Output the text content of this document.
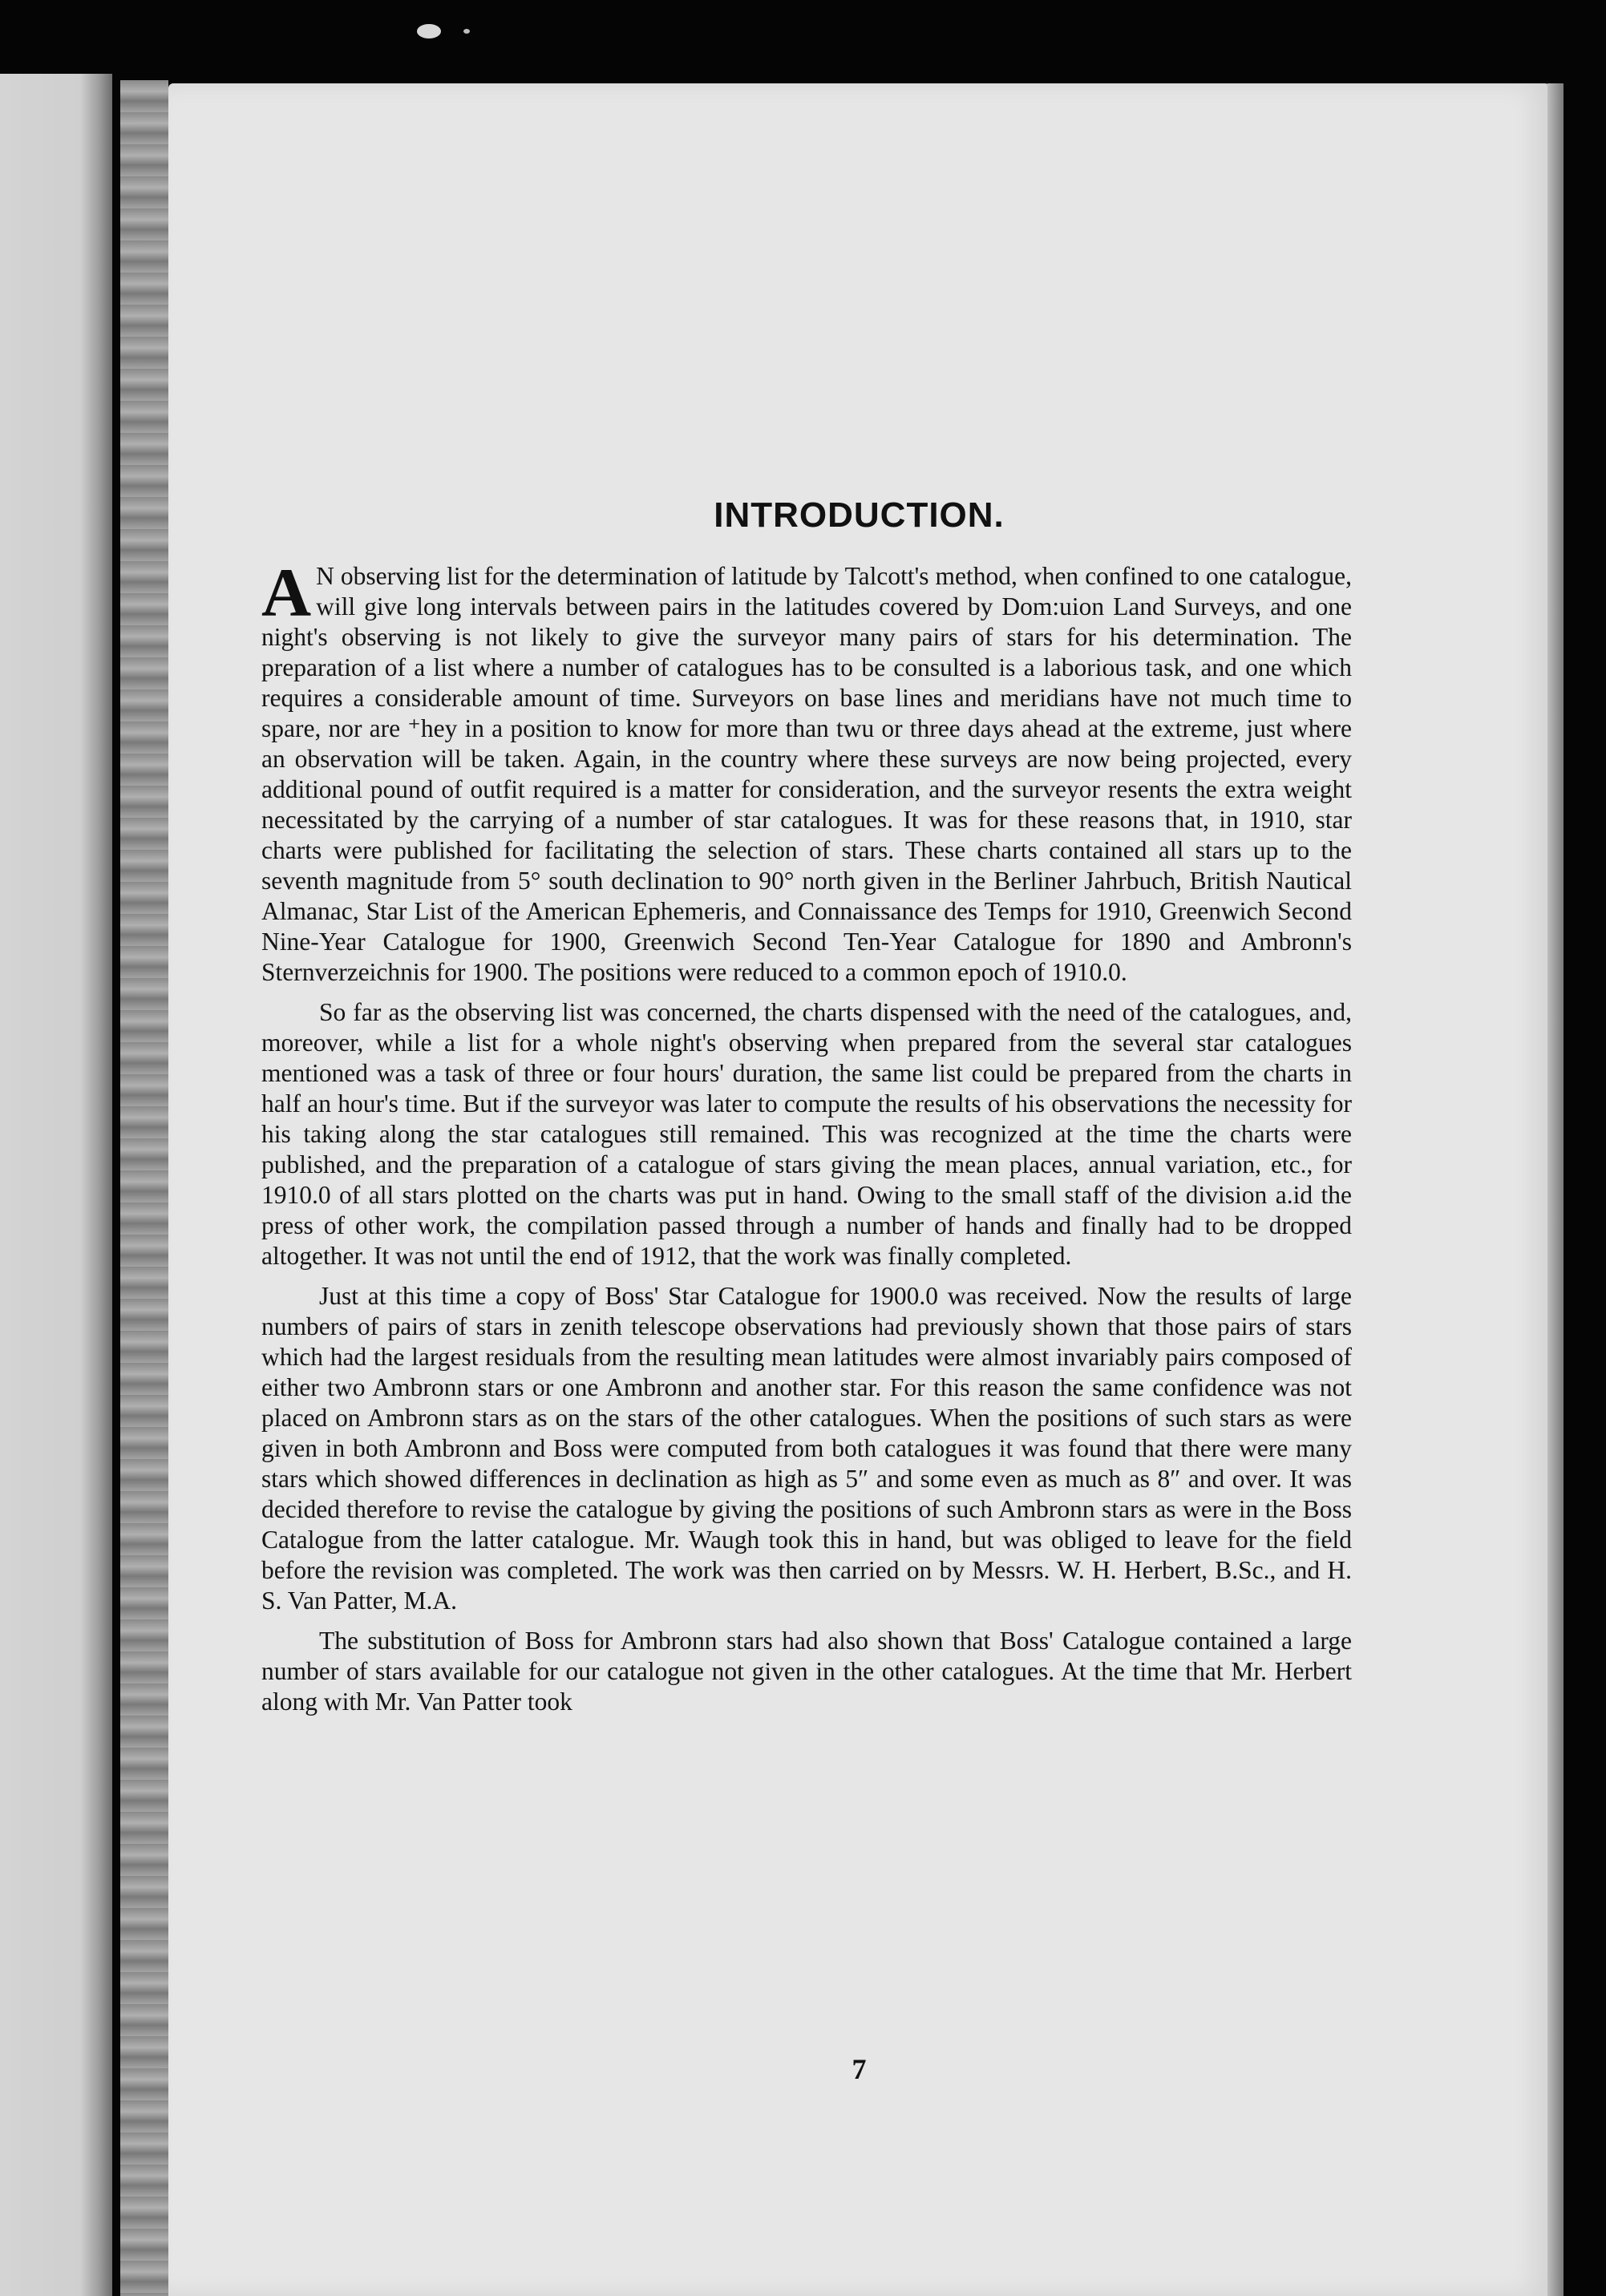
INTRODUCTION.

A N observing list for the determination of latitude by Talcott's method, when confined to one catalogue, will give long intervals between pairs in the latitudes covered by Dom:uion Land Surveys, and one night's observing is not likely to give the surveyor many pairs of stars for his determination. The preparation of a list where a number of catalogues has to be consulted is a laborious task, and one which requires a considerable amount of time. Surveyors on base lines and meridians have not much time to spare, nor are ⁺hey in a position to know for more than twu or three days ahead at the extreme, just where an observation will be taken. Again, in the country where these surveys are now being projected, every additional pound of outfit required is a matter for consideration, and the surveyor resents the extra weight necessitated by the carrying of a number of star catalogues. It was for these reasons that, in 1910, star charts were published for facilitating the selection of stars. These charts contained all stars up to the seventh magnitude from 5° south declination to 90° north given in the Berliner Jahrbuch, British Nautical Almanac, Star List of the American Ephemeris, and Connaissance des Temps for 1910, Greenwich Second Nine-Year Catalogue for 1900, Greenwich Second Ten-Year Catalogue for 1890 and Ambronn's Sternverzeichnis for 1900. The positions were reduced to a common epoch of 1910.0.

So far as the observing list was concerned, the charts dispensed with the need of the catalogues, and, moreover, while a list for a whole night's observing when prepared from the several star catalogues mentioned was a task of three or four hours' duration, the same list could be prepared from the charts in half an hour's time. But if the surveyor was later to compute the results of his observations the necessity for his taking along the star catalogues still remained. This was recognized at the time the charts were published, and the preparation of a catalogue of stars giving the mean places, annual variation, etc., for 1910.0 of all stars plotted on the charts was put in hand. Owing to the small staff of the division a.id the press of other work, the compilation passed through a number of hands and finally had to be dropped altogether. It was not until the end of 1912, that the work was finally completed.

Just at this time a copy of Boss' Star Catalogue for 1900.0 was received. Now the results of large numbers of pairs of stars in zenith telescope observations had previously shown that those pairs of stars which had the largest residuals from the resulting mean latitudes were almost invariably pairs composed of either two Ambronn stars or one Ambronn and another star. For this reason the same confidence was not placed on Ambronn stars as on the stars of the other catalogues. When the positions of such stars as were given in both Ambronn and Boss were computed from both catalogues it was found that there were many stars which showed differences in declination as high as 5″ and some even as much as 8″ and over. It was decided therefore to revise the catalogue by giving the positions of such Ambronn stars as were in the Boss Catalogue from the latter catalogue. Mr. Waugh took this in hand, but was obliged to leave for the field before the revision was completed. The work was then carried on by Messrs. W. H. Herbert, B.Sc., and H. S. Van Patter, M.A.

The substitution of Boss for Ambronn stars had also shown that Boss' Catalogue contained a large number of stars available for our catalogue not given in the other catalogues. At the time that Mr. Herbert along with Mr. Van Patter took

7
